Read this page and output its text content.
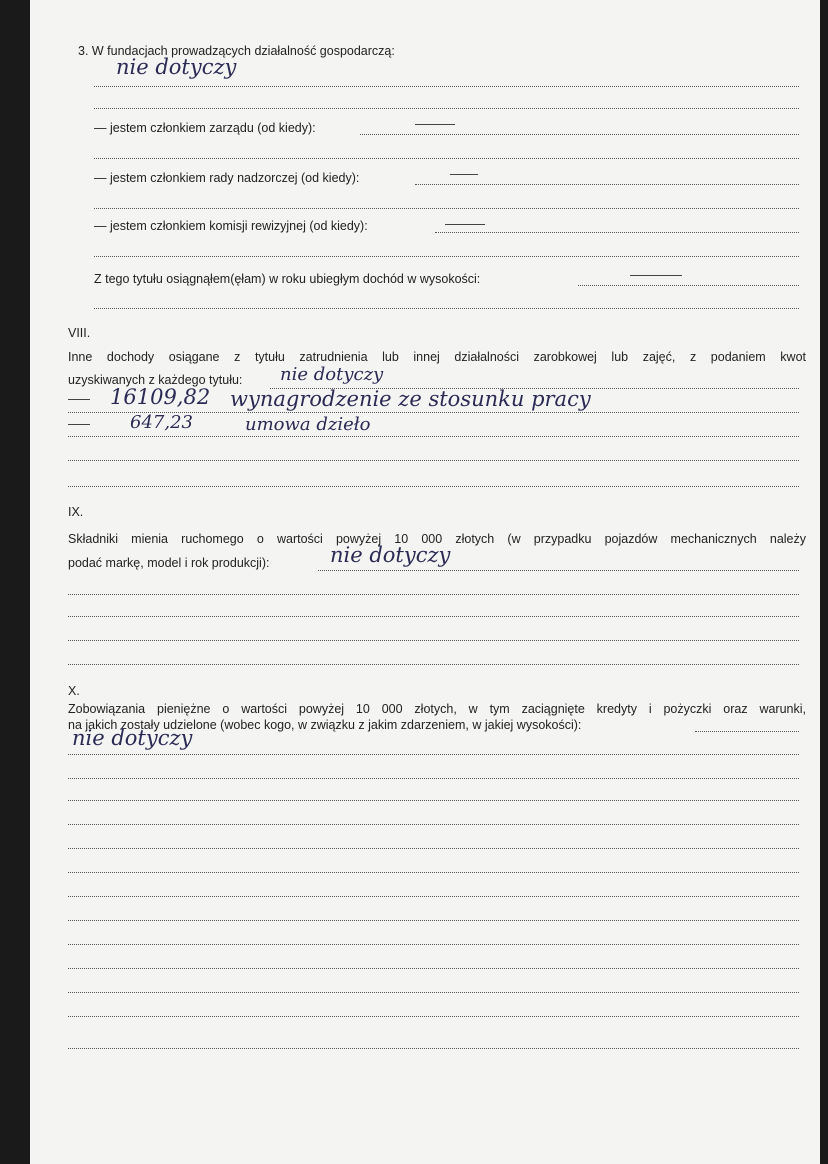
3. W fundacjach prowadzących działalność gospodarczą:
nie dotyczy
— jestem członkiem zarządu (od kiedy):
— jestem członkiem rady nadzorczej (od kiedy):
— jestem członkiem komisji rewizyjnej (od kiedy):
Z tego tytułu osiągnąłem(ęłam) w roku ubiegłym dochód w wysokości:
VIII.
Inne dochody osiągane z tytułu zatrudnienia lub innej działalności zarobkowej lub zajęć, z podaniem kwot
uzyskiwanych z każdego tytułu: nie dotyczy
16109,82 wynagrodzenie ze stosunku pracy
647,23	umowa dzieło
IX.
Składniki mienia ruchomego o wartości powyżej 10 000 złotych (w przypadku pojazdów mechanicznych należy
podać markę, model i rok produkcji):	nie dotyczy
X.
Zobowiązania pieniężne o wartości powyżej 10 000 złotych, w tym zaciągnięte kredyty i pożyczki oraz warunki,
na jakich zostały udzielone (wobec kogo, w związku z jakim zdarzeniem, w jakiej wysokości):
nie dotyczy
